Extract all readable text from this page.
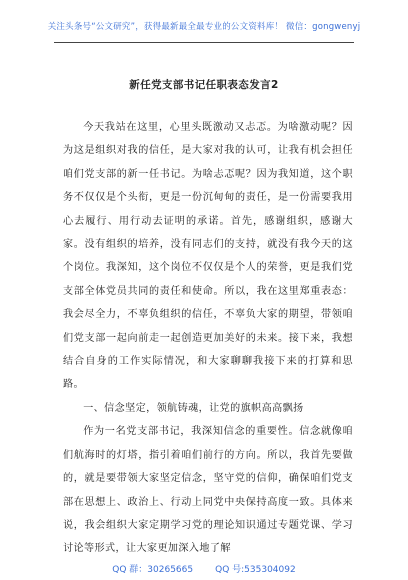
关注头条号“公文研究”，获得最新最全最专业的公文资料库！ 微信：gongwenyj
新任党支部书记任职表态发言2

今天我站在这里，心里头既激动又忐忑。为啥激动呢？因为这是组织对我的信任，是大家对我的认可，让我有机会担任咱们党支部的新一任书记。为啥忐忑呢？因为我知道，这个职务不仅仅是个头衔，更是一份沉甸甸的责任，是一份需要我用心去履行、用行动去证明的承诺。首先，感谢组织，感谢大家。没有组织的培养，没有同志们的支持，就没有我今天的这个岗位。我深知，这个岗位不仅仅是个人的荣誉，更是我们党支部全体党员共同的责任和使命。所以，我在这里郑重表态：我会尽全力，不辜负组织的信任，不辜负大家的期望，带领咱们党支部一起向前走一起创造更加美好的未来。接下来，我想结合自身的工作实际情况，和大家聊聊我接下来的打算和思路。

一、信念坚定，领航铸魂，让党的旗帜高高飘扬

作为一名党支部书记，我深知信念的重要性。信念就像咱们航海时的灯塔，指引着咱们前行的方向。所以，我首先要做的，就是要带领大家坚定信念，坚守党的信仰，确保咱们党支部在思想上、政治上、行动上同党中央保持高度一致。具体来说，我会组织大家定期学习党的理论知识通过专题党课、学习讨论等形式，让大家更加深入地了解

QQ 群：30265665 QQ 号:535304092
